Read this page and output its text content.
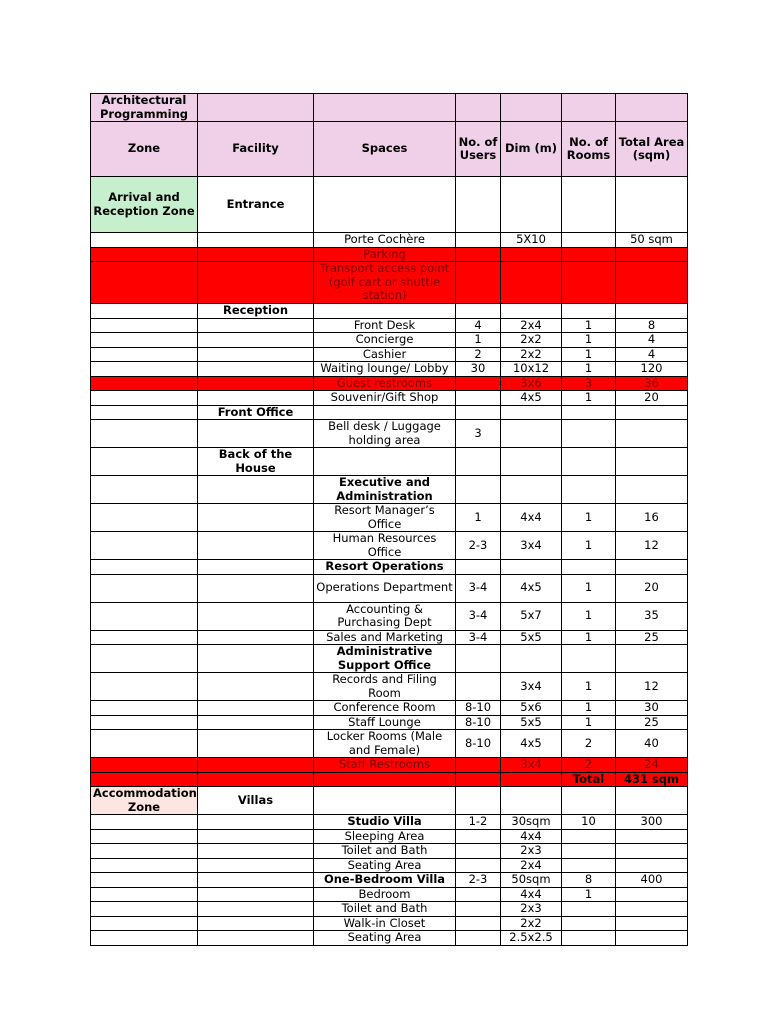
Architectural Programming						
Zone	Facility	Spaces	No. of Users	Dim (m)	No. of Rooms	Total Area (sqm)
Arrival and Reception Zone	Entrance					
		Porte Cochère		5X10		50 sqm
		Parking				
		Transport access point (golf cart or shuttle station)				
	Reception					
		Front Desk	4	2x4	1	8
		Concierge	1	2x2	1	4
		Cashier	2	2x2	1	4
		Waiting lounge/ Lobby	30	10x12	1	120
		Guest restrooms		3x6	3	36
		Souvenir/Gift Shop		4x5	1	20
	Front Office					
		Bell desk / Luggage holding area	3			
	Back of the House					
		Executive and Administration				
		Resort Manager’s Office	1	4x4	1	16
		Human Resources Office	2-3	3x4	1	12
		Resort Operations				
		Operations Department	3-4	4x5	1	20
		Accounting & Purchasing Dept	3-4	5x7	1	35
		Sales and Marketing	3-4	5x5	1	25
		Administrative Support Office				
		Records and Filing Room		3x4	1	12
		Conference Room	8-10	5x6	1	30
		Staff Lounge	8-10	5x5	1	25
		Locker Rooms (Male and Female)	8-10	4x5	2	40
		Staff Restrooms		3x4	2	24
					Total	431 sqm
Accommodation Zone	Villas					
		Studio Villa	1-2	30sqm	10	300
		Sleeping Area		4x4		
		Toilet and Bath		2x3		
		Seating Area		2x4		
		One-Bedroom Villa	2-3	50sqm	8	400
		Bedroom		4x4	1	
		Toilet and Bath		2x3		
		Walk-in Closet		2x2		
		Seating Area		2.5x2.5		
